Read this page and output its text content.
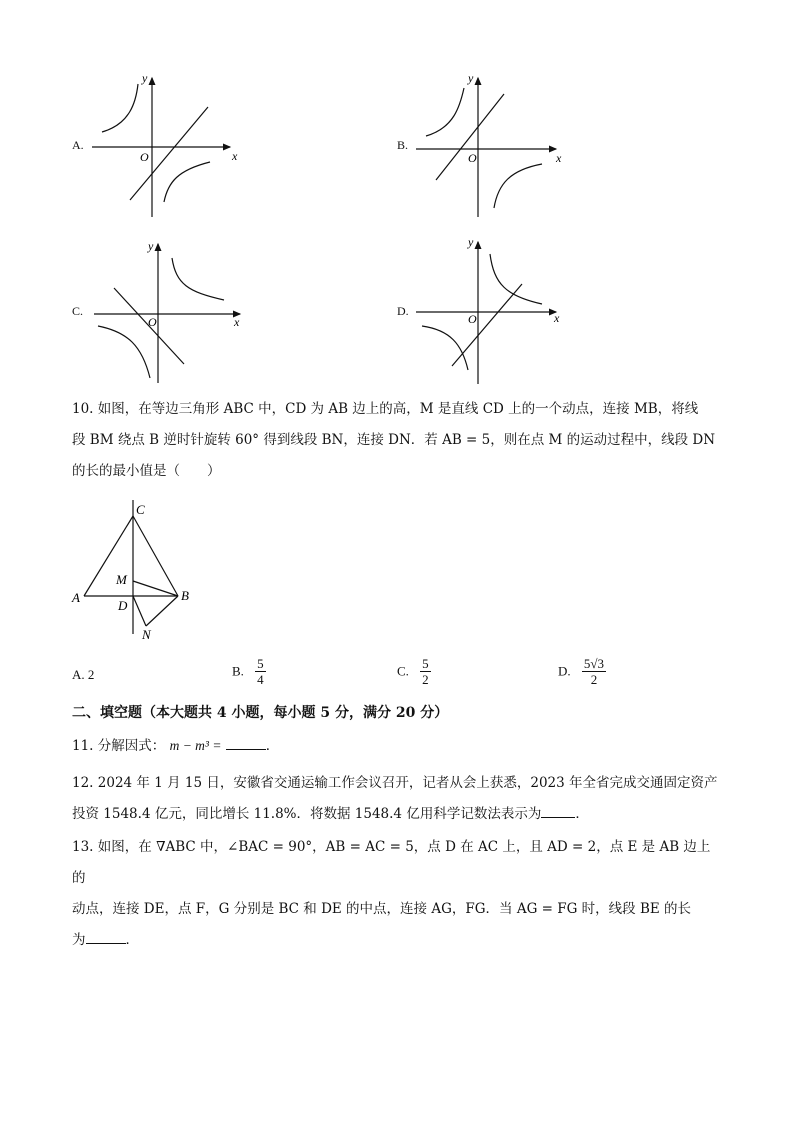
A.
x
y
O
B.
x
y
O
C.
x
y
O
D.	x
y
O
10. 如图，在等边三角形 ABC 中，CD 为 AB 边上的高，M 是直线 CD 上的一个动点，连接 MB，将线
段 BM 绕点 B 逆时针旋转 60° 得到线段 BN，连接 DN．若 AB = 5，则在点 M 的运动过程中，线段 DN
的长的最小值是（　　）
C
M
A
D
B
N
A. 2	B. $\frac{5}{4}$	C. $\frac{5}{2}$	D. $\frac{5√3}{2}$
二、填空题（本大题共 4 小题，每小题 5 分，满分 20 分）
11. 分解因式： m − m³ =	．
12. 2024 年 1 月 15 日，安徽省交通运输工作会议召开，记者从会上获悉，2023 年全省完成交通固定资产
投资 1548.4 亿元，同比增长 11.8%．将数据 1548.4 亿用科学记数法表示为	．
13. 如图，在 ∇ABC 中，∠BAC = 90°，AB = AC = 5，点 D 在 AC 上，且 AD = 2，点 E 是 AB 边上的
动点，连接 DE，点 F，G 分别是 BC 和 DE 的中点，连接 AG，FG．当 AG = FG 时，线段 BE 的长
为	．
